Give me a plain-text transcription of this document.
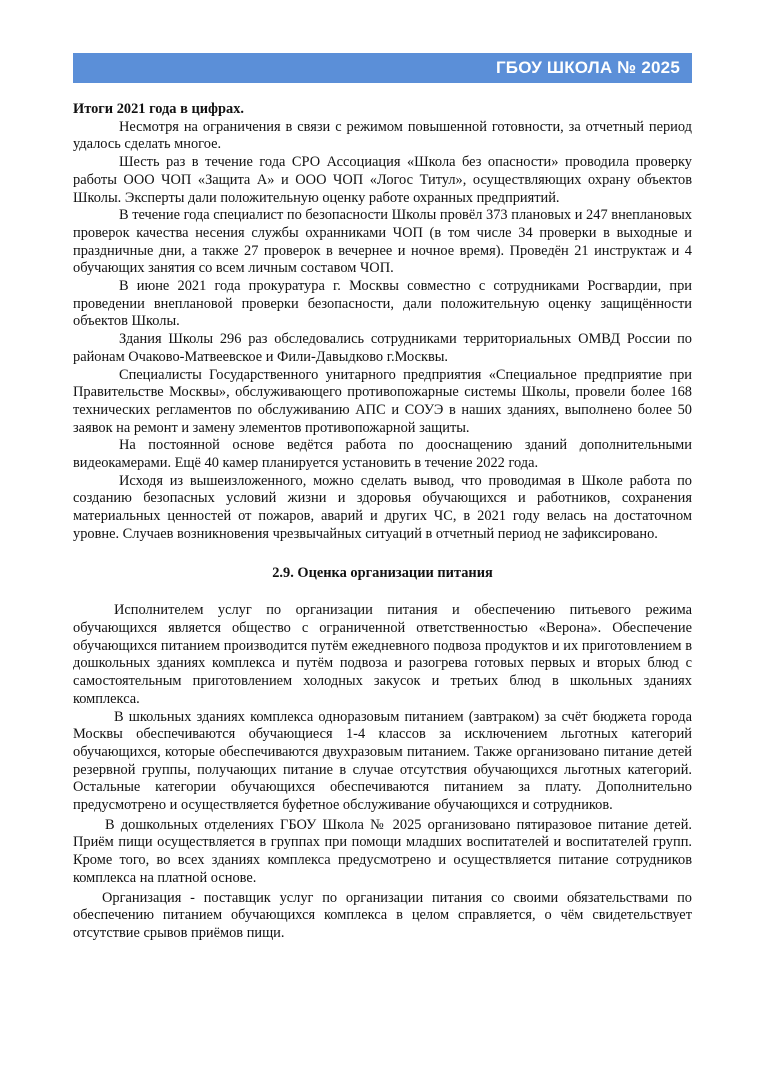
ГБОУ ШКОЛА № 2025

Итоги 2021 года в цифрах.

Несмотря на ограничения в связи с режимом повышенной готовности, за отчетный период удалось сделать многое.

Шесть раз в течение года СРО Ассоциация «Школа без опасности» проводила проверку работы ООО ЧОП «Защита А» и ООО ЧОП «Логос Титул», осуществляющих охрану объектов Школы. Эксперты дали положительную оценку работе охранных предприятий.

В течение года специалист по безопасности Школы провёл 373 плановых и 247 внеплановых проверок качества несения службы охранниками ЧОП (в том числе 34 проверки в выходные и праздничные дни, а также 27 проверок в вечернее и ночное время). Проведён 21 инструктаж и 4 обучающих занятия со всем личным составом ЧОП.

В июне 2021 года прокуратура г. Москвы совместно с сотрудниками Росгвардии, при проведении внеплановой проверки безопасности, дали положительную оценку защищённости объектов Школы.

Здания Школы 296 раз обследовались сотрудниками территориальных ОМВД России по районам Очаково-Матвеевское и Фили-Давыдково г.Москвы.

Специалисты Государственного унитарного предприятия «Специальное предприятие при Правительстве Москвы», обслуживающего противопожарные системы Школы, провели более 168 технических регламентов по обслуживанию АПС и СОУЭ в наших зданиях, выполнено более 50 заявок на ремонт и замену элементов противопожарной защиты.

На постоянной основе ведётся работа по дооснащению зданий дополнительными видеокамерами. Ещё 40 камер планируется установить в течение 2022 года.

Исходя из вышеизложенного, можно сделать вывод, что проводимая в Школе работа по созданию безопасных условий жизни и здоровья обучающихся и работников, сохранения материальных ценностей от пожаров, аварий и других ЧС, в 2021 году велась на достаточном уровне. Случаев возникновения чрезвычайных ситуаций в отчетный период не зафиксировано.

2.9. Оценка организации питания

Исполнителем услуг по организации питания и обеспечению питьевого режима обучающихся является общество с ограниченной ответственностью «Верона». Обеспечение обучающихся питанием производится путём ежедневного подвоза продуктов и их приготовлением в дошкольных зданиях комплекса и путём подвоза и разогрева готовых первых и вторых блюд с самостоятельным приготовлением холодных закусок и третьих блюд в школьных зданиях комплекса.

В школьных зданиях комплекса одноразовым питанием (завтраком) за счёт бюджета города Москвы обеспечиваются обучающиеся 1-4 классов за исключением льготных категорий обучающихся, которые обеспечиваются двухразовым питанием. Также организовано питание детей резервной группы, получающих питание в случае отсутствия обучающихся льготных категорий. Остальные категории обучающихся обеспечиваются питанием за плату. Дополнительно предусмотрено и осуществляется буфетное обслуживание обучающихся и сотрудников.

В дошкольных отделениях ГБОУ Школа № 2025 организовано пятиразовое питание детей. Приём пищи осуществляется в группах при помощи младших воспитателей и воспитателей групп. Кроме того, во всех зданиях комплекса предусмотрено и осуществляется питание сотрудников комплекса на платной основе.

Организация - поставщик услуг по организации питания со своими обязательствами по обеспечению питанием обучающихся комплекса в целом справляется, о чём свидетельствует отсутствие срывов приёмов пищи.
